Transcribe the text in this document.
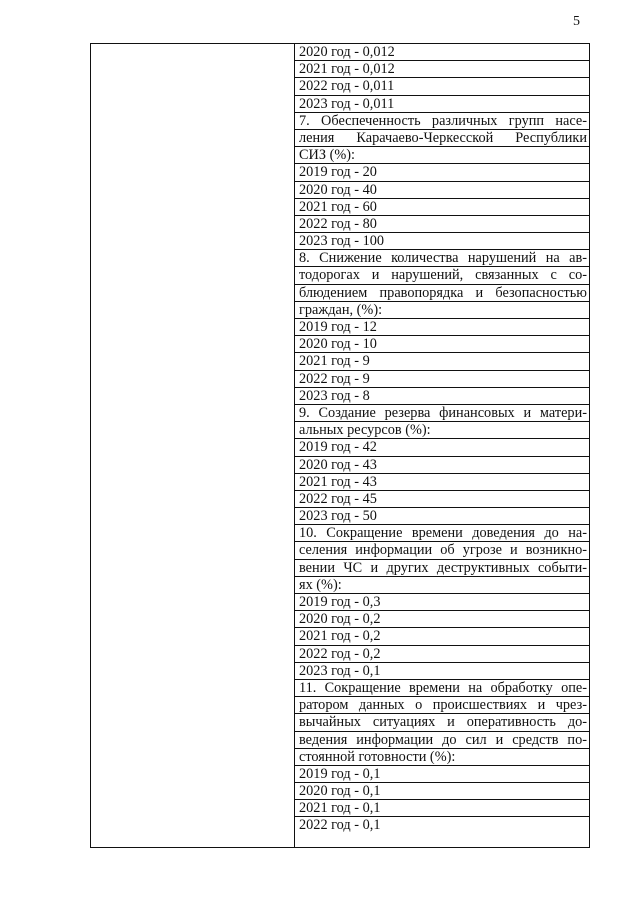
5
2020 год - 0,012
2021 год - 0,012
2022 год - 0,011
2023 год - 0,011
7. Обеспеченность различных групп насе-
ления Карачаево-Черкесской Республики
СИЗ (%):
2019 год - 20
2020 год - 40
2021 год - 60
2022 год - 80
2023 год - 100
8. Снижение количества нарушений на ав-
тодорогах и нарушений, связанных с со-
блюдением правопорядка и безопасностью
граждан, (%):
2019 год - 12
2020 год - 10
2021 год - 9
2022 год - 9
2023 год - 8
9. Создание резерва финансовых и матери-
альных ресурсов (%):
2019 год - 42
2020 год - 43
2021 год - 43
2022 год - 45
2023 год - 50
10. Сокращение времени доведения до на-
селения информации об угрозе и возникно-
вении ЧС и других деструктивных событи-
ях (%):
2019 год - 0,3
2020 год - 0,2
2021 год - 0,2
2022 год - 0,2
2023 год - 0,1
11. Сокращение времени на обработку опе-
ратором данных о происшествиях и чрез-
вычайных ситуациях и оперативность до-
ведения информации до сил и средств по-
стоянной готовности (%):
2019 год - 0,1
2020 год - 0,1
2021 год - 0,1
2022 год - 0,1
